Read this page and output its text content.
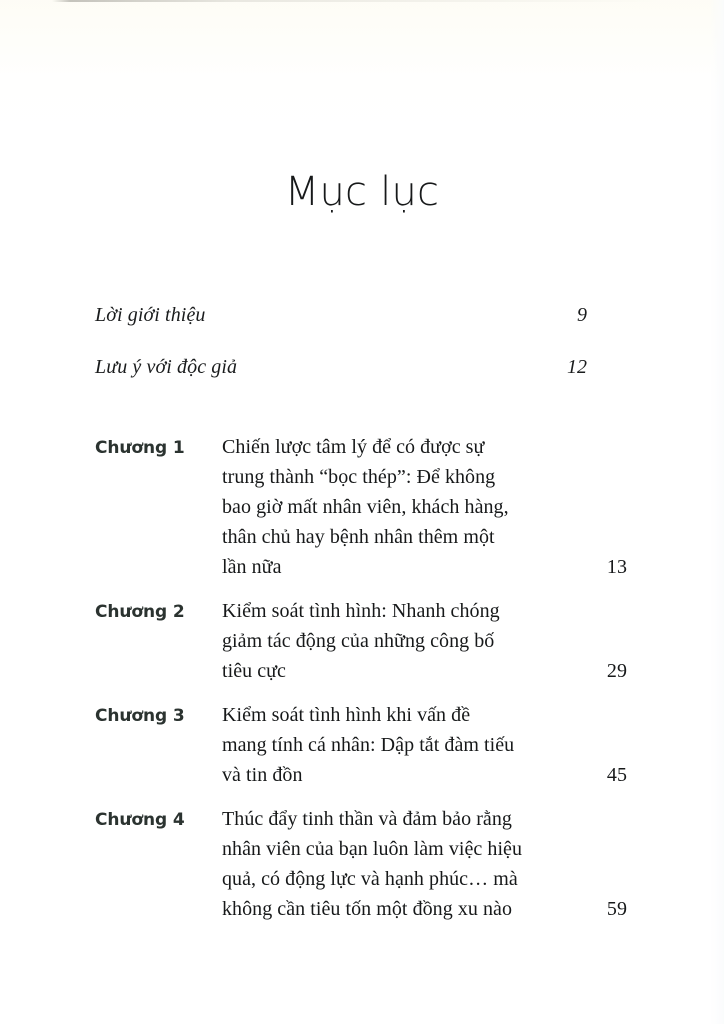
Mục lục
Lời giới thiệu	9
Lưu ý với độc giả	12
Chương 1	Chiến lược tâm lý để có được sự
trung thành “bọc thép”: Để không
bao giờ mất nhân viên, khách hàng,
thân chủ hay bệnh nhân thêm một
lần nữa	13
Chương 2	Kiểm soát tình hình: Nhanh chóng
giảm tác động của những công bố
tiêu cực	29
Chương 3	Kiểm soát tình hình khi vấn đề
mang tính cá nhân: Dập tắt đàm tiếu
và tin đồn	45
Chương 4	Thúc đẩy tinh thần và đảm bảo rằng
nhân viên của bạn luôn làm việc hiệu
quả, có động lực và hạnh phúc… mà
không cần tiêu tốn một đồng xu nào	59
